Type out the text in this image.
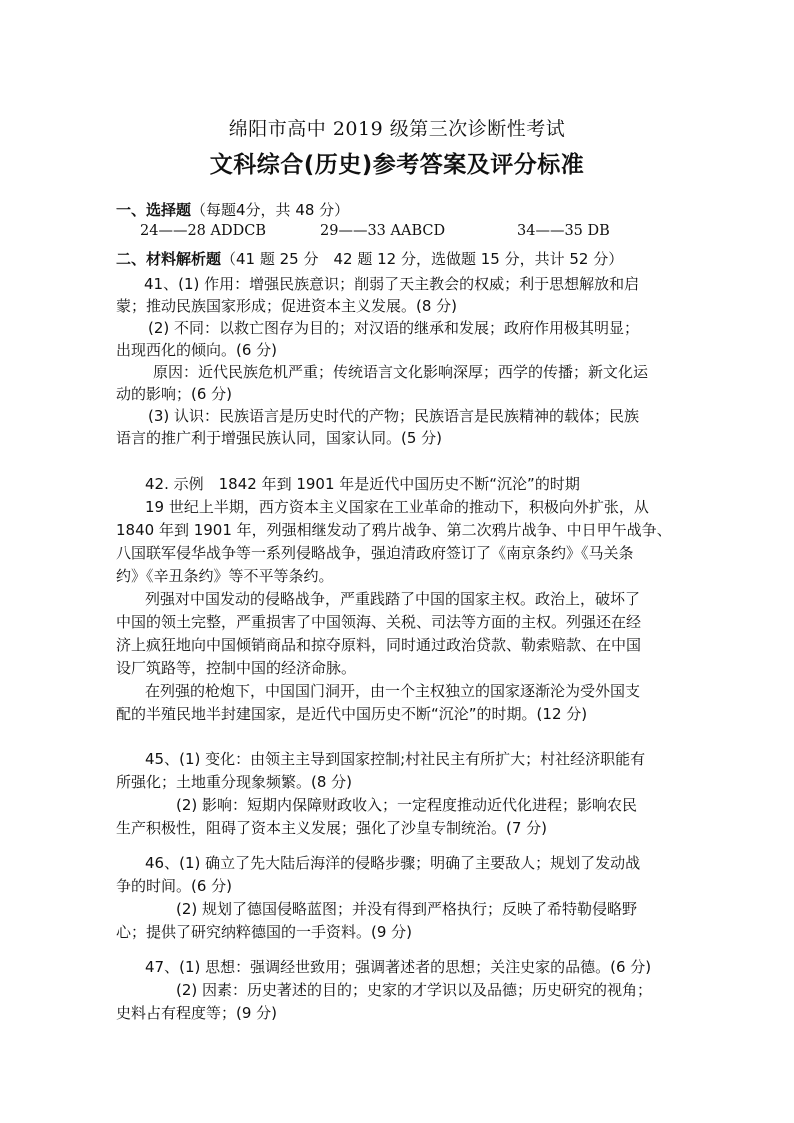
绵阳市高中 2019 级第三次诊断性考试
文科综合(历史)参考答案及评分标准
一、选择题（每题4分，共 48 分）
24——28 ADDCB	29——33 AABCD	34——35 DB
二、材料解析题（41 题 25 分　42 题 12 分，选做题 15 分，共计 52 分）
41、(1) 作用：增强民族意识；削弱了天主教会的权威；利于思想解放和启
蒙；推动民族国家形成；促进资本主义发展。(8 分)
(2) 不同：以救亡图存为目的；对汉语的继承和发展；政府作用极其明显；
出现西化的倾向。(6 分)
原因：近代民族危机严重；传统语言文化影响深厚；西学的传播；新文化运
动的影响；(6 分)
(3) 认识：民族语言是历史时代的产物；民族语言是民族精神的载体；民族
语言的推广利于增强民族认同，国家认同。(5 分)
42. 示例　1842 年到 1901 年是近代中国历史不断“沉沦”的时期
19 世纪上半期，西方资本主义国家在工业革命的推动下，积极向外扩张，从
1840 年到 1901 年，列强相继发动了鸦片战争、第二次鸦片战争、中日甲午战争、
八国联军侵华战争等一系列侵略战争，强迫清政府签订了《南京条约》《马关条
约》《辛丑条约》等不平等条约。
列强对中国发动的侵略战争，严重践踏了中国的国家主权。政治上，破坏了
中国的领土完整，严重损害了中国领海、关税、司法等方面的主权。列强还在经
济上疯狂地向中国倾销商品和掠夺原料，同时通过政治贷款、勒索赔款、在中国
设厂筑路等，控制中国的经济命脉。
在列强的枪炮下，中国国门洞开，由一个主权独立的国家逐渐沦为受外国支
配的半殖民地半封建国家，是近代中国历史不断“沉沦”的时期。(12 分)
45、(1) 变化：由领主主导到国家控制;村社民主有所扩大；村社经济职能有
所强化；土地重分现象频繁。(8 分)
(2) 影响：短期内保障财政收入；一定程度推动近代化进程；影响农民
生产积极性，阻碍了资本主义发展；强化了沙皇专制统治。(7 分)
46、(1) 确立了先大陆后海洋的侵略步骤；明确了主要敌人；规划了发动战
争的时间。(6 分)
(2) 规划了德国侵略蓝图；并没有得到严格执行；反映了希特勒侵略野
心；提供了研究纳粹德国的一手资料。(9 分)
47、(1) 思想：强调经世致用；强调著述者的思想；关注史家的品德。(6 分)
(2) 因素：历史著述的目的；史家的才学识以及品德；历史研究的视角；
史料占有程度等；(9 分)
